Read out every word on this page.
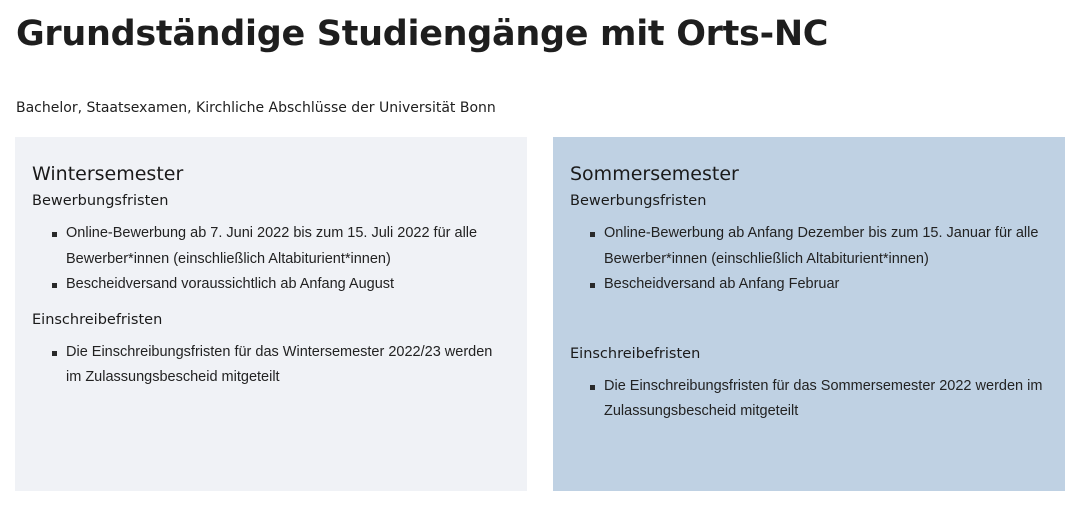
Grundständige Studiengänge mit Orts-NC

Bachelor, Staatsexamen, Kirchliche Abschlüsse der Universität Bonn

Wintersemester
Bewerbungsfristen
Online-Bewerbung ab 7. Juni 2022 bis zum 15. Juli 2022 für alle Bewerber*innen (einschließlich Altabiturient*innen)
Bescheidversand voraussichtlich ab Anfang August
Einschreibefristen
Die Einschreibungsfristen für das Wintersemester 2022/23 werden im Zulassungsbescheid mitgeteilt
Sommersemester
Bewerbungsfristen
Online-Bewerbung ab Anfang Dezember bis zum 15. Januar für alle Bewerber*innen (einschließlich Altabiturient*innen)
Bescheidversand ab Anfang Februar
Einschreibefristen
Die Einschreibungsfristen für das Sommersemester 2022 werden im Zulassungsbescheid mitgeteilt
